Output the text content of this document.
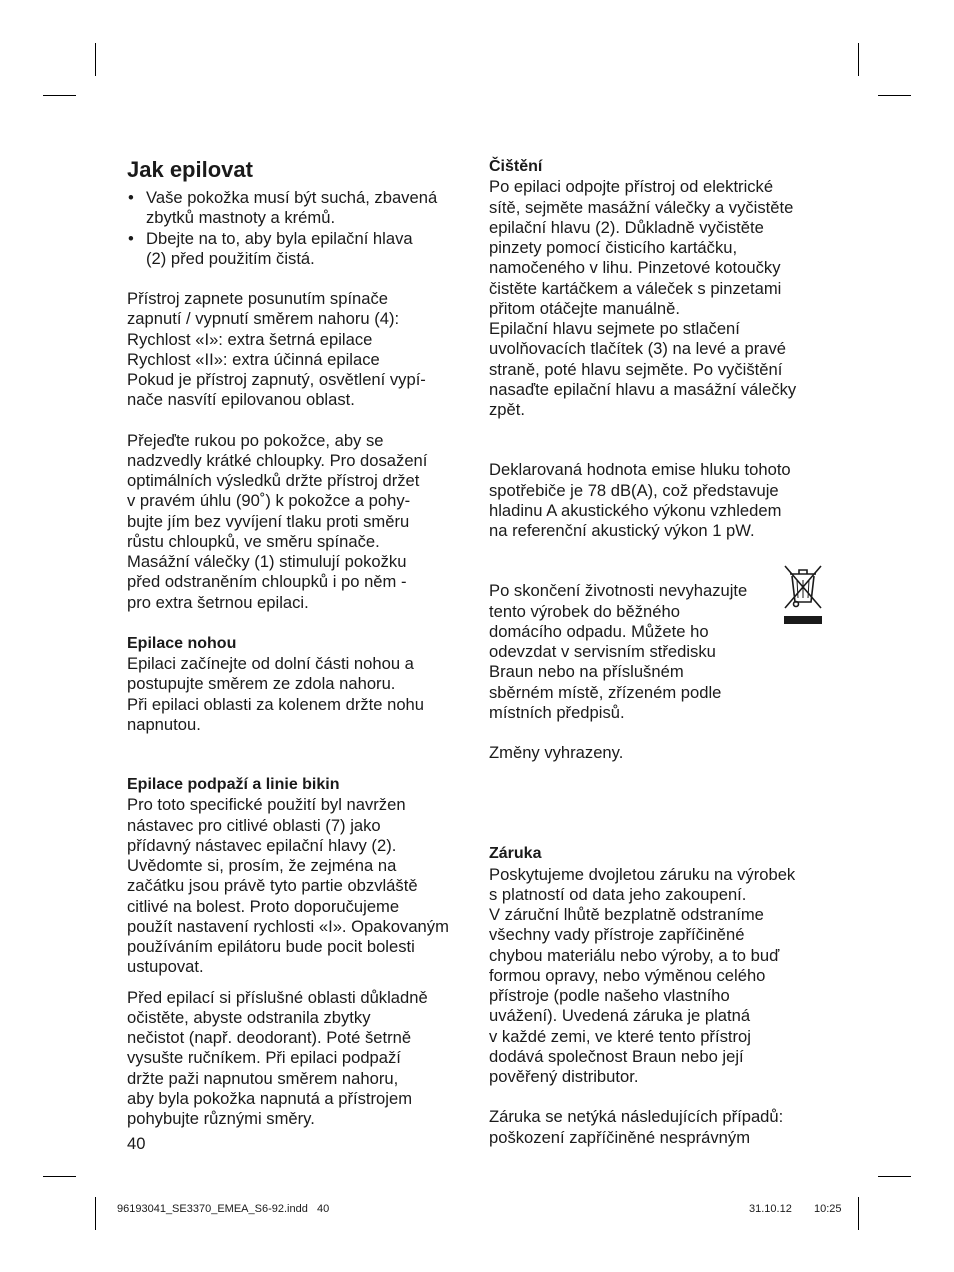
Jak epilovat
• Vaše pokožka musí být suchá, zbavená
zbytků mastnoty a krémů.
• Dbejte na to, aby byla epilační hlava
(2) před použitím čistá.

Přístroj zapnete posunutím spínače
zapnutí / vypnutí směrem nahoru (4):
Rychlost «I»: extra šetrná epilace
Rychlost «II»: extra účinná epilace
Pokud je přístroj zapnutý, osvětlení vypí-
nače nasvítí epilovanou oblast.

Přejeďte rukou po pokožce, aby se
nadzvedly krátké chloupky. Pro dosažení
optimálních výsledků držte přístroj držet
v pravém úhlu (90˚) k pokožce a pohy-
bujte jím bez vyvíjení tlaku proti směru
růstu chloupků, ve směru spínače.
Masážní válečky (1) stimulují pokožku
před odstraněním chloupků i po něm -
pro extra šetrnou epilaci.

Epilace nohou

Epilaci začínejte od dolní části nohou a
postupujte směrem ze zdola nahoru.
Při epilaci oblasti za kolenem držte nohu
napnutou.

Epilace podpaží a linie bikin

Pro toto specifické použití byl navržen
nástavec pro citlivé oblasti (7) jako
přídavný nástavec epilační hlavy (2).
Uvědomte si, prosím, že zejména na
začátku jsou právě tyto partie obzvláště
citlivé na bolest. Proto doporučujeme
použít nastavení rychlosti «I». Opakovaným
používáním epilátoru bude pocit bolesti
ustupovat.

Před epilací si příslušné oblasti důkladně
očistěte, abyste odstranila zbytky
nečistot (např. deodorant). Poté šetrně
vysušte ručníkem. Při epilaci podpaží
držte paži napnutou směrem nahoru,
aby byla pokožka napnutá a přístrojem
pohybujte různými směry.

Čištění

Po epilaci odpojte přístroj od elektrické
sítě, sejměte masážní válečky a vyčistěte
epilační hlavu (2). Důkladně vyčistěte
pinzety pomocí čisticího kartáčku,
namočeného v lihu. Pinzetové kotoučky
čistěte kartáčkem a váleček s pinzetami
přitom otáčejte manuálně.
Epilační hlavu sejmete po stlačení
uvolňovacích tlačítek (3) na levé a pravé
straně, poté hlavu sejměte. Po vyčištění
nasaďte epilační hlavu a masážní válečky
zpět.

Deklarovaná hodnota emise hluku tohoto
spotřebiče je 78 dB(A), což představuje
hladinu A akustického výkonu vzhledem
na referenční akustický výkon 1 pW.

Po skončení životnosti nevyhazujte
tento výrobek do běžného
domácího odpadu. Můžete ho
odevzdat v servisním středisku
Braun nebo na příslušném
sběrném místě, zřízeném podle
místních předpisů.

Změny vyhrazeny.

Záruka

Poskytujeme dvojletou záruku na výrobek
s platností od data jeho zakoupení.
V záruční lhůtě bezplatně odstraníme
všechny vady přístroje zapříčiněné
chybou materiálu nebo výroby, a to buď
formou opravy, nebo výměnou celého
přístroje (podle našeho vlastního
uvážení). Uvedená záruka je platná
v každé zemi, ve které tento přístroj
dodává společnost Braun nebo její
pověřený distributor.

Záruka se netýká následujících případů:
poškození zapříčiněné nesprávným

40
96193041_SE3370_EMEA_S6-92.indd   40	31.10.12 10:25
